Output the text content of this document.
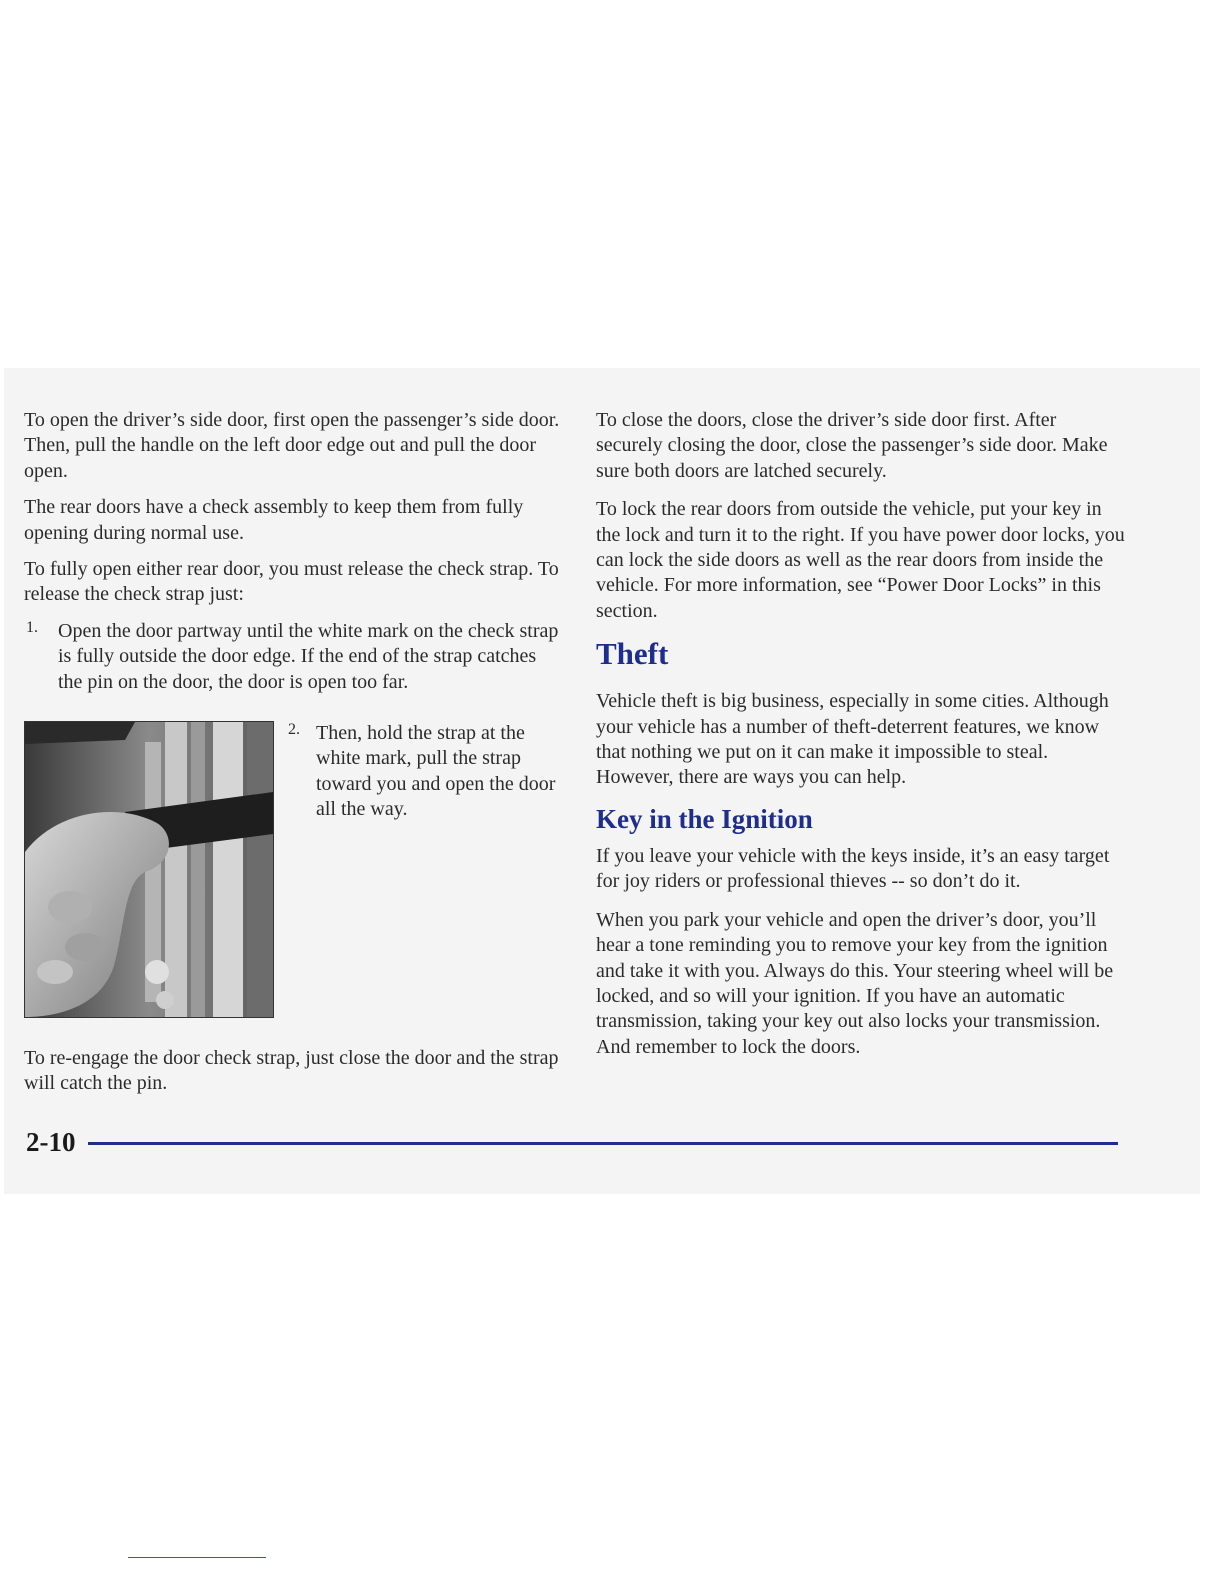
To open the driver’s side door, first open the passenger’s side door. Then, pull the handle on the left door edge out and pull the door open.

The rear doors have a check assembly to keep them from fully opening during normal use.

To fully open either rear door, you must release the check strap. To release the check strap just:

1. Open the door partway until the white mark on the check strap is fully outside the door edge. If the end of the strap catches the pin on the door, the door is open too far.

2. Then, hold the strap at the white mark, pull the strap toward you and open the door all the way.

To re-engage the door check strap, just close the door and the strap will catch the pin.

To close the doors, close the driver’s side door first. After securely closing the door, close the passenger’s side door. Make sure both doors are latched securely.

To lock the rear doors from outside the vehicle, put your key in the lock and turn it to the right. If you have power door locks, you can lock the side doors as well as the rear doors from inside the vehicle. For more information, see “Power Door Locks” in this section.

Theft

Vehicle theft is big business, especially in some cities. Although your vehicle has a number of theft-deterrent features, we know that nothing we put on it can make it impossible to steal. However, there are ways you can help.

Key in the Ignition

If you leave your vehicle with the keys inside, it’s an easy target for joy riders or professional thieves -- so don’t do it.

When you park your vehicle and open the driver’s door, you’ll hear a tone reminding you to remove your key from the ignition and take it with you. Always do this. Your steering wheel will be locked, and so will your ignition. If you have an automatic transmission, taking your key out also locks your transmission. And remember to lock the doors.

2-10
